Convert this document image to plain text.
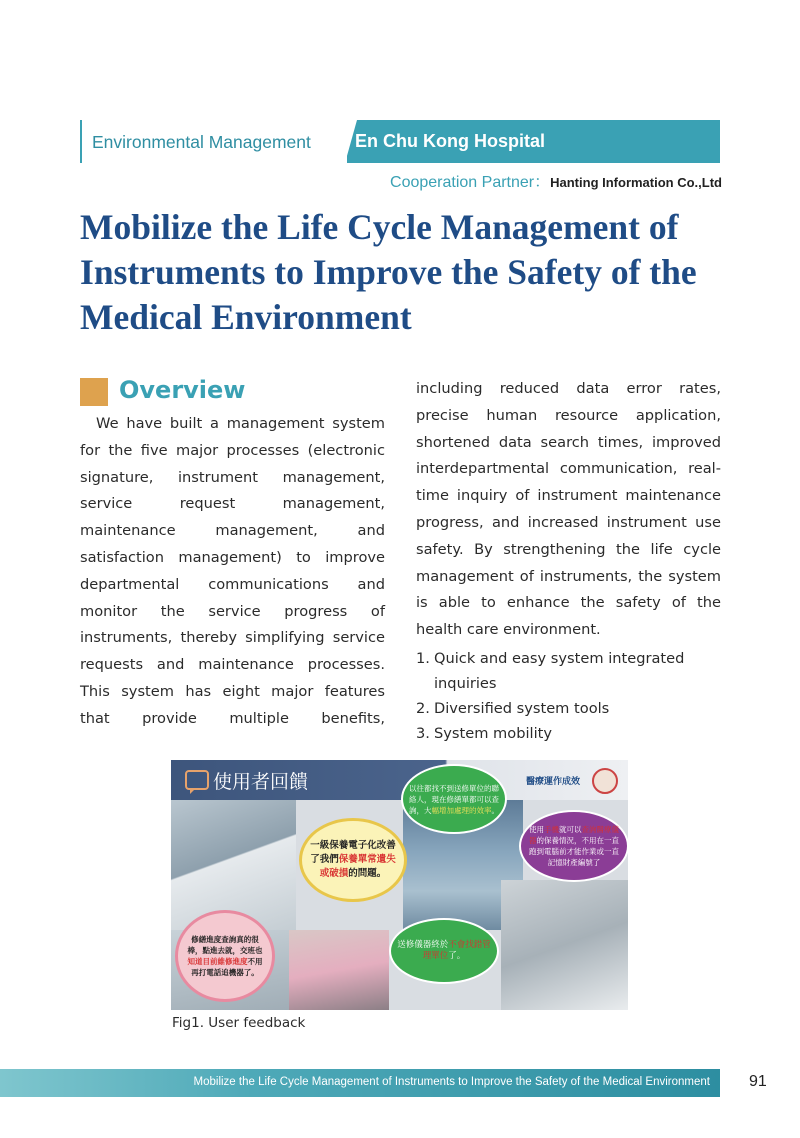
Environmental Management En Chu Kong Hospital
Cooperation Partner：Hanting Information Co.,Ltd
Mobilize the Life Cycle Management of Instruments to Improve the Safety of the Medical Environment
Overview

We have built a management system for the five major processes (electronic signature, instrument management, service request management, maintenance management, and satisfaction management) to improve departmental communications and monitor the service progress of instruments, thereby simplifying service requests and maintenance processes. This system has eight major features that provide multiple benefits,

including reduced data error rates, precise human resource application, shortened data search times, improved interdepartmental communication, real-time inquiry of instrument maintenance progress, and increased instrument use safety. By strengthening the life cycle management of instruments, the system is able to enhance the safety of the health care environment.

1. Quick and easy system integrated inquiries
2. Diversified system tools
3. System mobility
使用者回饋	醫療運作成效
一級保養電子化改善了我們保養單常遺失或破損的問題。
以往都找不到送修單位的聯絡人，現在修繕單都可以查詢，大幅增加處理的效率。
使用手機就可以查詢醫療儀器的保養情況，不用在一直跑到電腦前才能作業或一直記憶財產編號了
修繕進度查詢真的很棒，點進去就，交班也知道目前維修進度不用再打電話追機器了。
送修儀器終於不會找錯管理單位了。
Fig1. User feedback
Mobilize the Life Cycle Management of Instruments to Improve the Safety of the Medical Environment 91
